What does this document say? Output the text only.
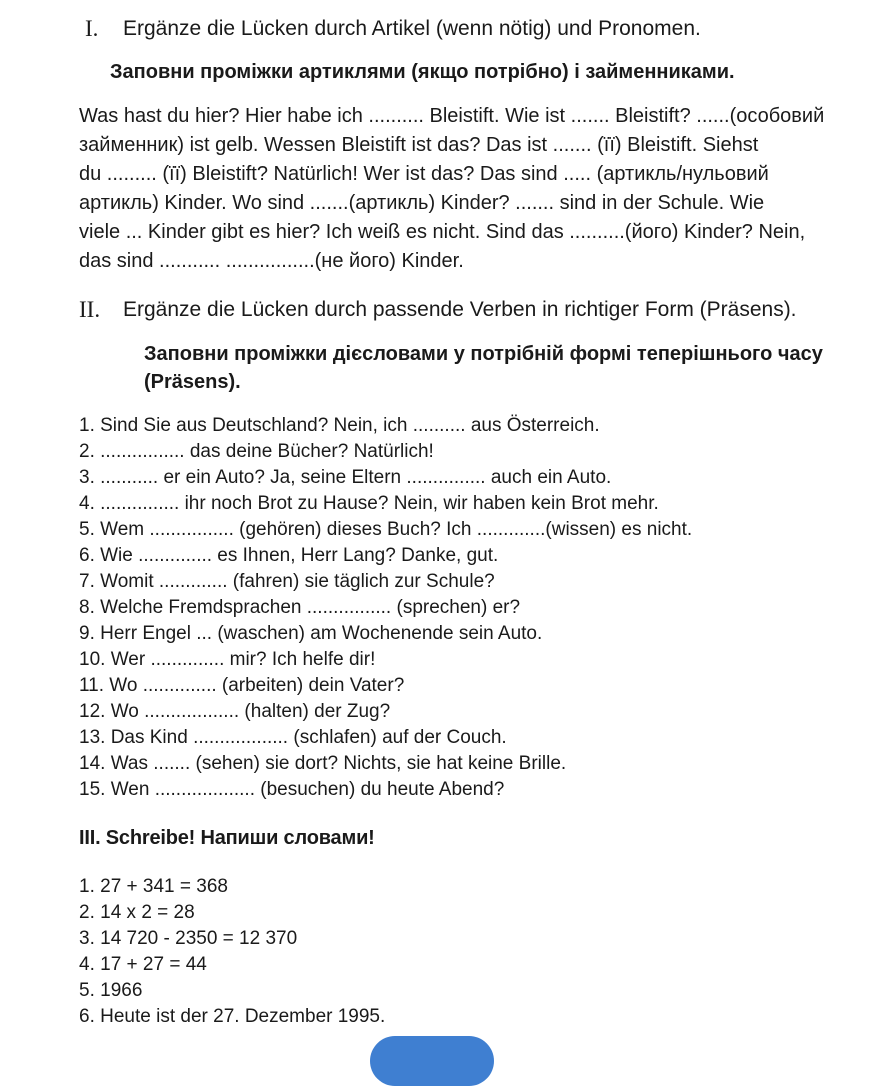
I. Ergänze die Lücken durch Artikel (wenn nötig) und Pronomen.
Заповни проміжки артиклями (якщо потрібно) і займенниками.
Was hast du hier? Hier habe ich .......... Bleistift. Wie ist ....... Bleistift? ......(особовий
займенник) ist gelb. Wessen Bleistift ist das? Das ist ....... (її) Bleistift. Siehst
du ......... (її) Bleistift? Natürlich! Wer ist das? Das sind ..... (артикль/нульовий
артикль) Kinder. Wo sind .......(артикль) Kinder? ....... sind in der Schule. Wie
viele ... Kinder gibt es hier? Ich weiß es nicht. Sind das ..........(його) Kinder? Nein,
das sind ........... ................(не його) Kinder.
II. Ergänze die Lücken durch passende Verben in richtiger Form (Präsens).
Заповни проміжки дієсловами у потрібній формі теперішнього часу
(Präsens).
1. Sind Sie aus Deutschland? Nein, ich .......... aus Österreich.
2. ................ das deine Bücher? Natürlich!
3. ........... er ein Auto? Ja, seine Eltern ............... auch ein Auto.
4. ............... ihr noch Brot zu Hause? Nein, wir haben kein Brot mehr.
5. Wem ................ (gehören) dieses Buch? Ich .............(wissen) es nicht.
6. Wie .............. es Ihnen, Herr Lang? Danke, gut.
7. Womit ............. (fahren) sie täglich zur Schule?
8. Welche Fremdsprachen ................ (sprechen) er?
9. Herr Engel ... (waschen) am Wochenende sein Auto.
10. Wer .............. mir? Ich helfe dir!
11. Wo .............. (arbeiten) dein Vater?
12. Wo .................. (halten) der Zug?
13. Das Kind .................. (schlafen) auf der Couch.
14. Was ....... (sehen) sie dort? Nichts, sie hat keine Brille.
15. Wen ................... (besuchen) du heute Abend?
III. Schreibe! Напиши словами!
1. 27 + 341 = 368
2. 14 x 2 = 28
3. 14 720 - 2350 = 12 370
4. 17 + 27 = 44
5. 1966
6. Heute ist der 27. Dezember 1995.
